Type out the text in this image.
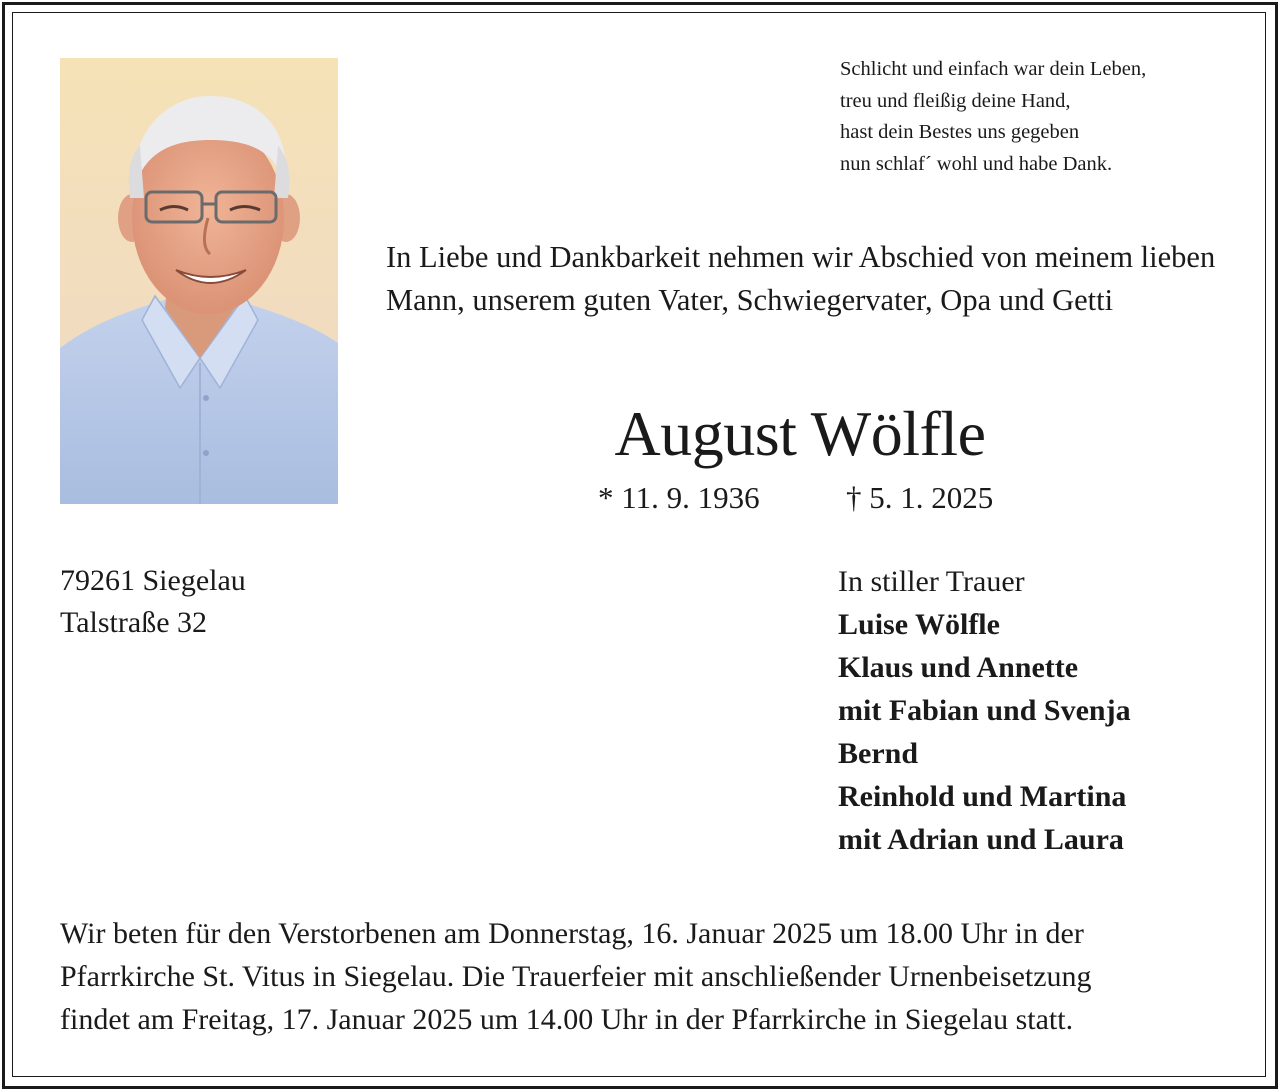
Schlicht und einfach war dein Leben,
treu und fleißig deine Hand,
hast dein Bestes uns gegeben
nun schlaf´ wohl und habe Dank.
In Liebe und Dankbarkeit nehmen wir Abschied von meinem lieben Mann, unserem guten Vater, Schwiegervater, Opa und Getti
August Wölfle
* 11. 9. 1936	† 5. 1. 2025
79261 Siegelau
Talstraße 32
In stiller Trauer
Luise Wölfle
Klaus und Annette
mit Fabian und Svenja
Bernd
Reinhold und Martina
mit Adrian und Laura
Wir beten für den Verstorbenen am Donnerstag, 16. Januar 2025 um 18.00 Uhr in der
Pfarrkirche St. Vitus in Siegelau. Die Trauerfeier mit anschließender Urnenbeisetzung
findet am Freitag, 17. Januar 2025 um 14.00 Uhr in der Pfarrkirche in Siegelau statt.
